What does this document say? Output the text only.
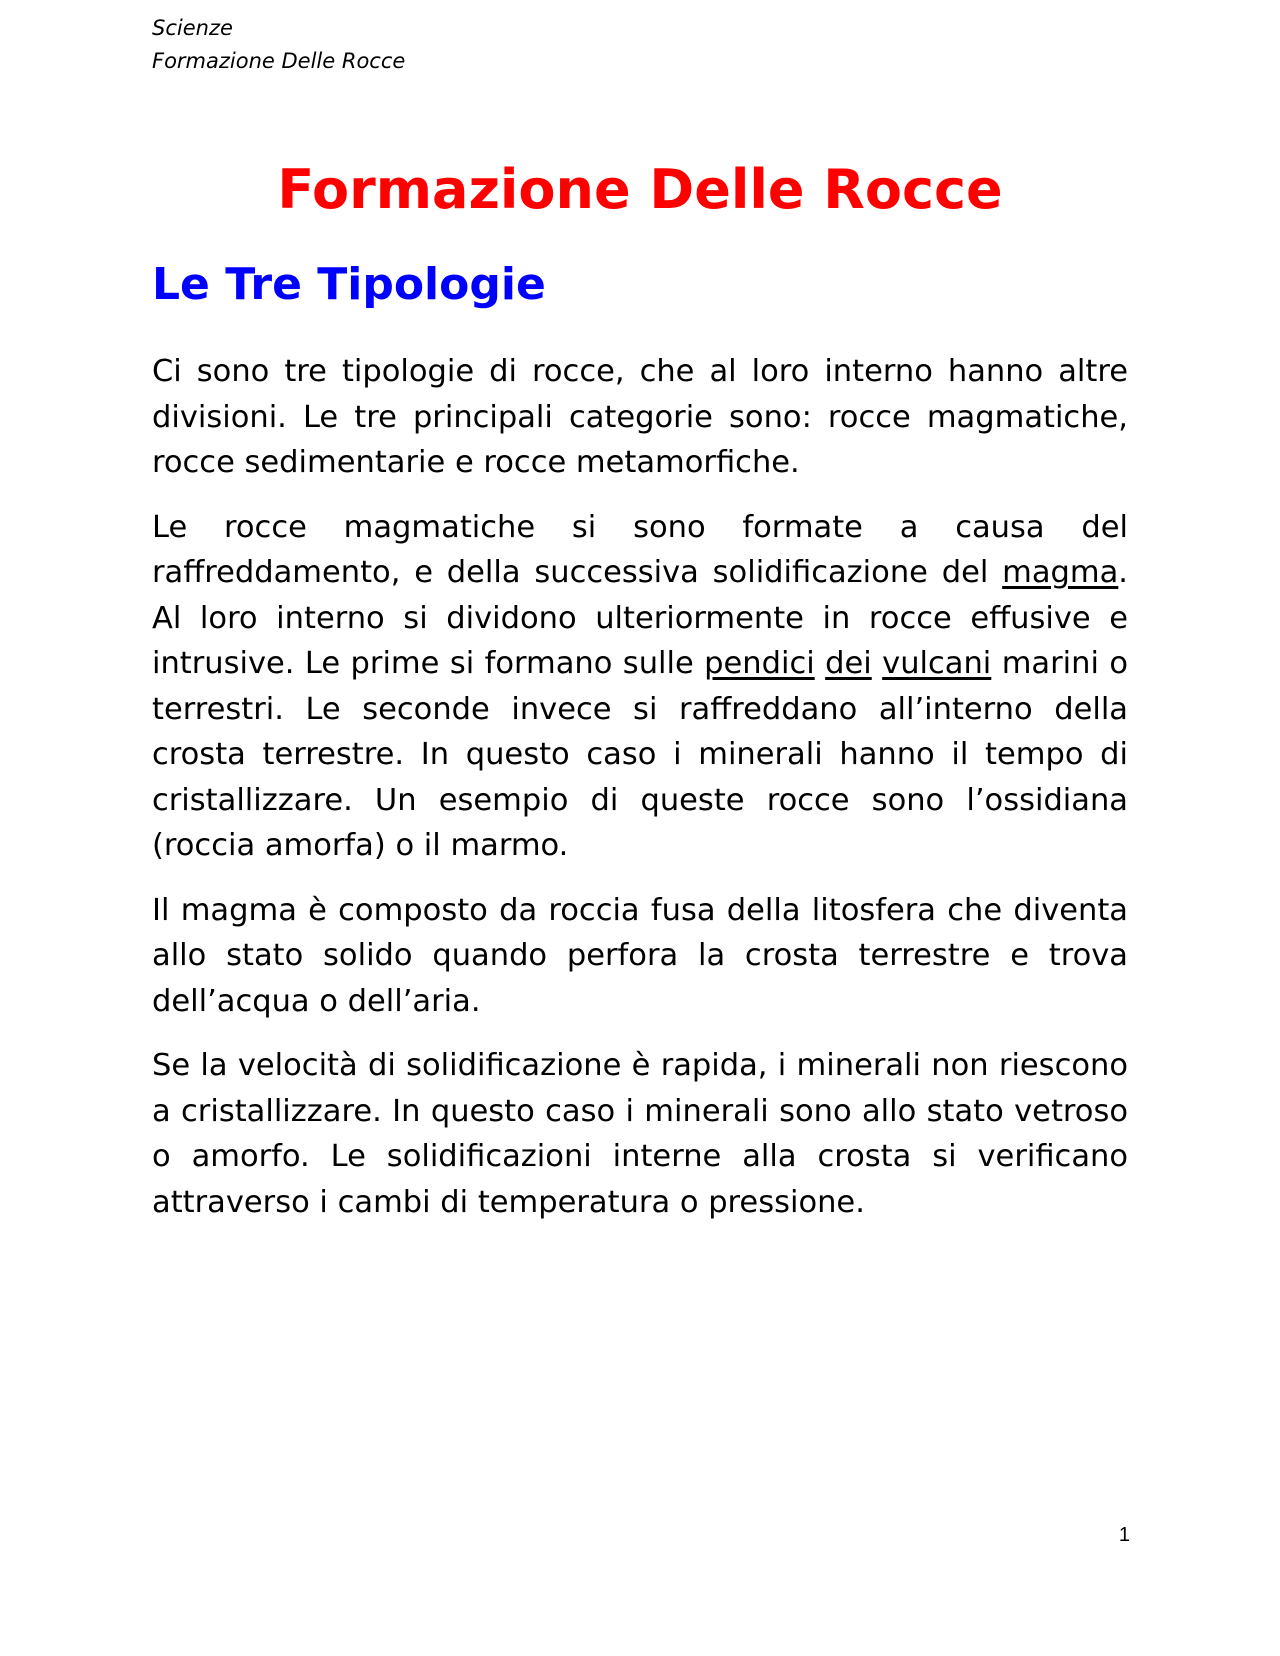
Scienze
Formazione Delle Rocce
Formazione Delle Rocce
Le Tre Tipologie

Ci sono tre tipologie di rocce, che al loro interno hanno altre divisioni. Le tre principali categorie sono: rocce magmatiche, rocce sedimentarie e rocce metamorfiche.

Le rocce magmatiche si sono formate a causa del raffreddamento, e della successiva solidificazione del magma. Al loro interno si dividono ulteriormente in rocce effusive e intrusive. Le prime si formano sulle pendici dei vulcani marini o terrestri. Le seconde invece si raffreddano all’interno della crosta terrestre. In questo caso i minerali hanno il tempo di cristallizzare. Un esempio di queste rocce sono l’ossidiana (roccia amorfa) o il marmo.

Il magma è composto da roccia fusa della litosfera che diventa allo stato solido quando perfora la crosta terrestre e trova dell’acqua o dell’aria.

Se la velocità di solidificazione è rapida, i minerali non riescono a cristallizzare. In questo caso i minerali sono allo stato vetroso o amorfo. Le solidificazioni interne alla crosta si verificano attraverso i cambi di temperatura o pressione.

1
